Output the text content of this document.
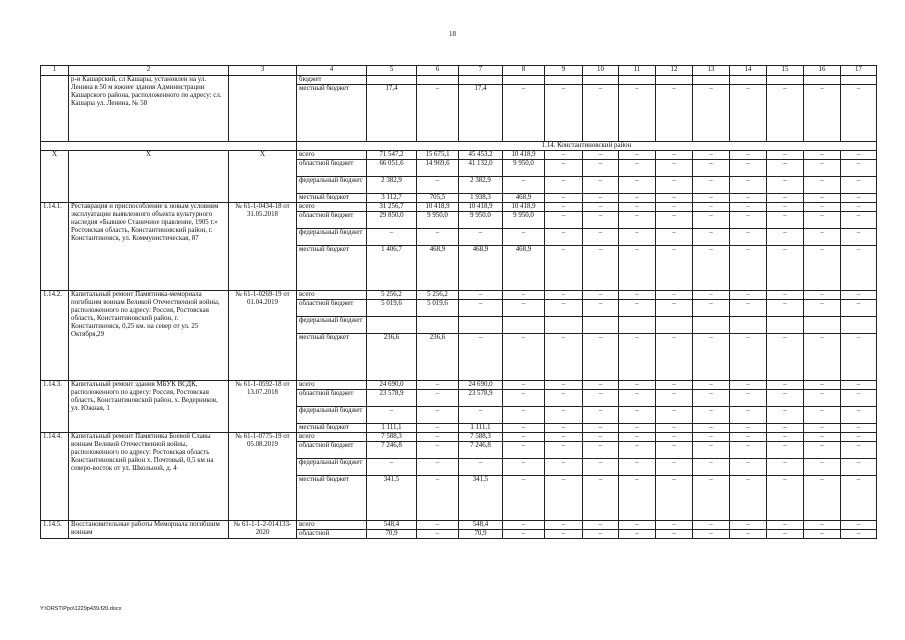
18
1	2	3	4	5	6	7	8	9	10	11	12	13	14	15	16	17
	р-н Кашарский, сл Кашары, установлен на ул. Ленина в 50 м южнее здания Администрации Кашарского района, расположенного по адресу: сл. Кашары ул. Ленина, № 58		бюджет													
			местный бюджет	17,4	–	17,4	–	–	–	–	–	–	–	–	–	–
			1.14. Константиновский район													
Х	Х	Х	всего	71 547,2	15 675,1	45 453,2	10 418,9	–	–	–	–	–	–	–	–	–
			областной бюджет	66 051,6	14 969,6	41 132,0	9 950,0	–	–	–	–	–	–	–	–	–
			федеральный бюджет	2 382,9	–	2 382,9	–	–	–	–	–	–	–	–	–	–
			местный бюджет	3 112,7	705,5	1 938,3	468,9	–	–	–	–	–	–	–	–	–
1.14.1.	Реставрация и приспособление к новым условиям эксплуатации выявленного объекта культурного наследия «Бывшее Станичное правление, 1905 г.» Ростовская область, Константиновский район, г. Константиновск, ул. Коммунистическая, 87	№ 61-1-0434-18 от 31.05.2018	всего	31 256,7	10 418,9	10 418,9	10 418,9	–	–	–	–	–	–	–	–	–
			областной бюджет	29 850,0	9 950,0	9 950,0	9 950,0	–	–	–	–	–	–	–	–	–
			федеральный бюджет	–	–	–	–	–	–	–	–	–	–	–	–	–
			местный бюджет	1 406,7	468,9	468,9	468,9	–	–	–	–	–	–	–	–	–
1.14.2.	Капитальный ремонт Памятника-мемориала погибшим воинам Великой Отечественной войны, расположенного по адресу: Россия, Ростовская область, Константиновский район, г. Константиновск, 0,25 км. на север от ул. 25 Октября,29	№ 61-1-0269-19 от 01.04.2019	всего	5 256,2	5 256,2	–	–	–	–	–	–	–	–	–	–	–
			областной бюджет	5 019,6	5 019,6	–	–	–	–	–	–	–	–	–	–	–
			федеральный бюджет													
			местный бюджет	236,6	236,6	–	–	–	–	–	–	–	–	–	–	–
1.14.3.	Капитальный ремонт здания МБУК ВСДК, расположенного по адресу: Россия, Ростовская область, Константиновский район, х. Ведерников, ул. Южная, 1	№ 61-1-0592-18 от 13.07.2018	всего	24 690,0	–	24 690,0	–	–	–	–	–	–	–	–	–	–
			областной бюджет	23 578,9	–	23 578,9	–	–	–	–	–	–	–	–	–	–
			федеральный бюджет	–	–	–	–	–	–	–	–	–	–	–	–	–
			местный бюджет	1 111,1	–	1 111,1	–	–	–	–	–	–	–	–	–	–
1.14.4.	Капитальный ремонт Памятника Боевой Славы воинам Великой Отечественной войны, расположенного по адресу: Ростовская область Константиновский район х. Почтовый, 0,5 км на северо-восток от ул. Школьной, д. 4	№ 61-1-0775-19 от 05.08.2019	всего	7 588,3	–	7 588,3	–	–	–	–	–	–	–	–	–	–
			областной бюджет	7 246,8	–	7 246,8	–	–	–	–	–	–	–	–	–	–
			федеральный бюджет	–	–	–	–	–	–	–	–	–	–	–	–	–
			местный бюджет	341,5	–	341,5	–	–	–	–	–	–	–	–	–	–
1.14.5.	Восстановительные работы Мемориала погибшим воинам	№ 61-1-1-2-014133-2020	всего	548,4	–	548,4	–	–	–	–	–	–	–	–	–	–
			областной	70,9	–	70,9	–	–	–	–	–	–	–	–	–	–
Y:\ORST\Ppo\1229p439.f20.docx
